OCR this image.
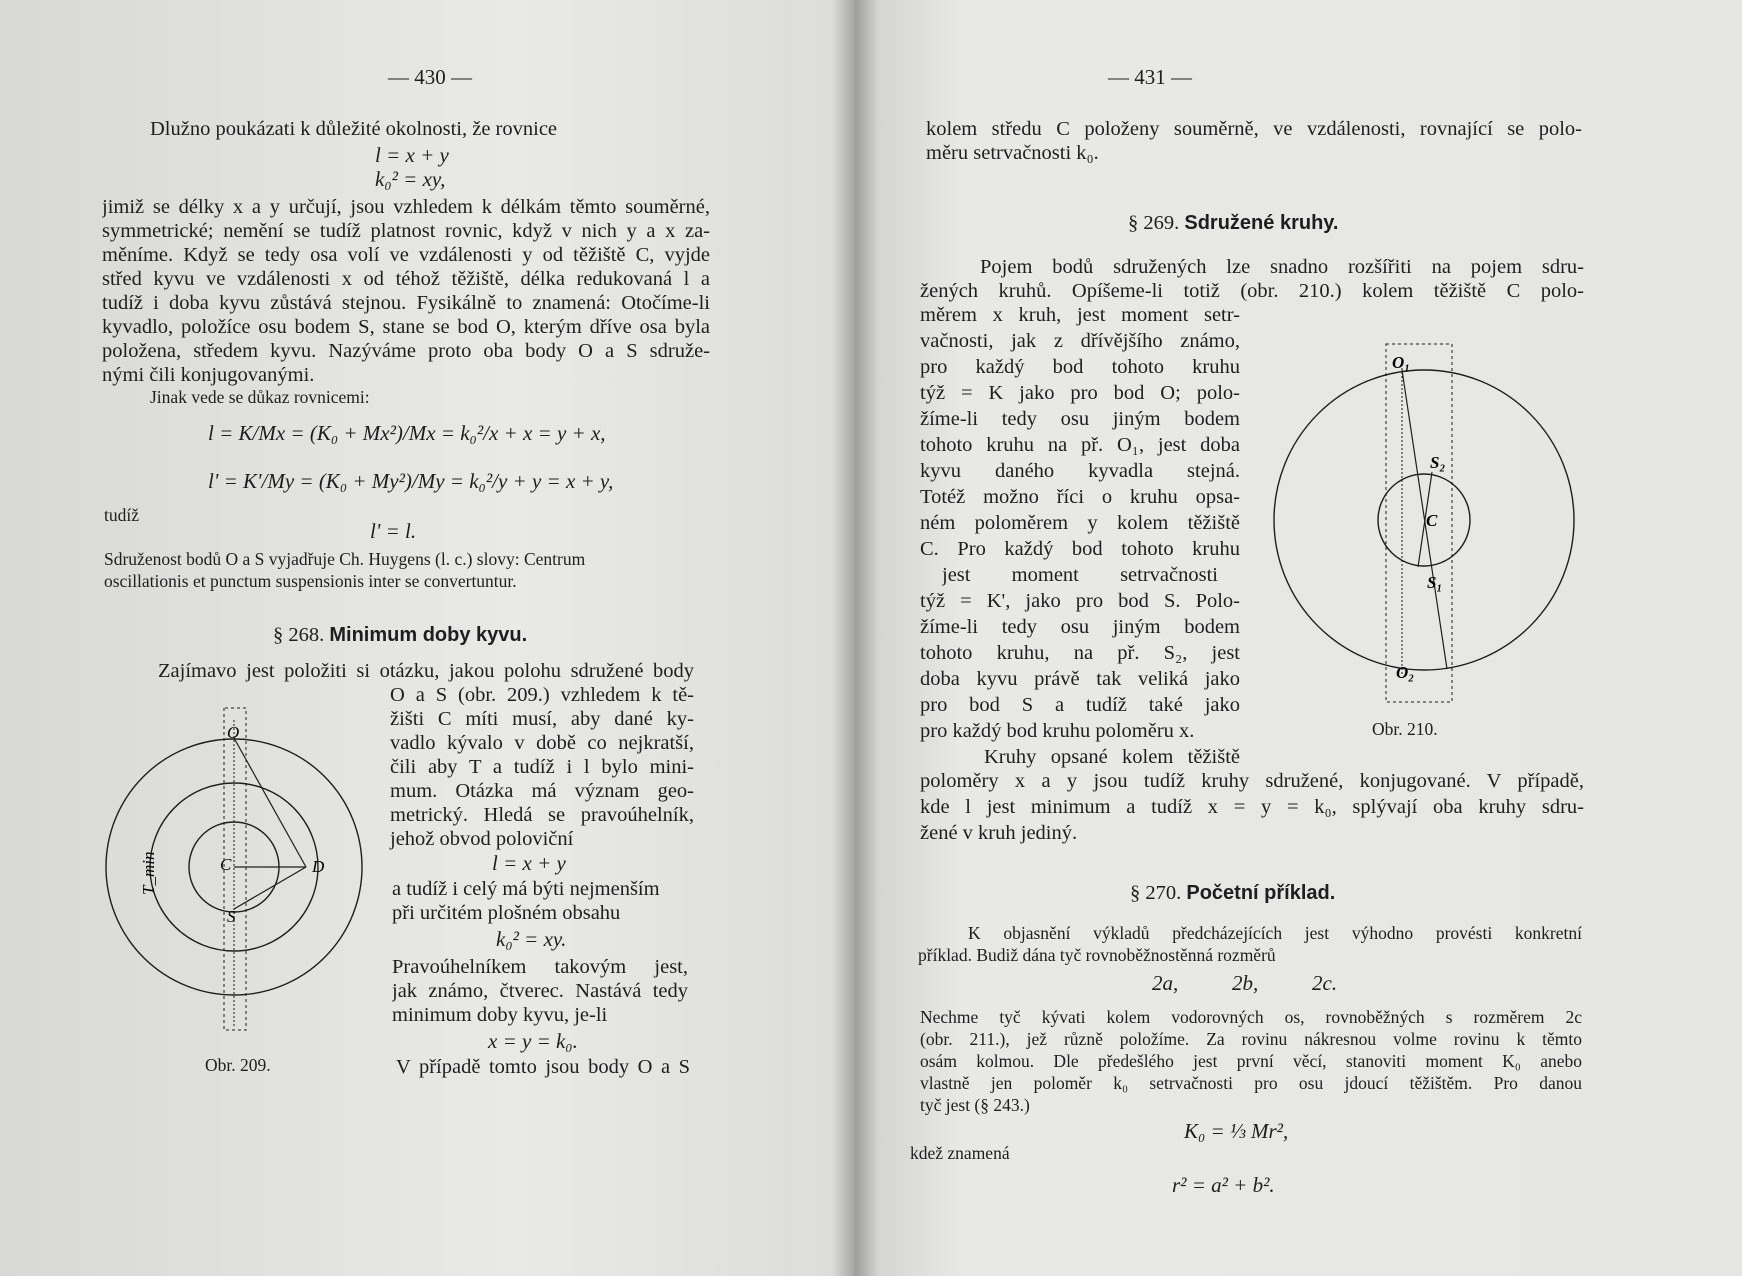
— 430 —
Dlužno poukázati k důležité okolnosti, že rovnice
l = x + y
k₀² = xy,
jimiž se délky x a y určují, jsou vzhledem k délkám těmto souměrné,
symmetrické; nemění se tudíž platnost rovnic, když v nich y a x za-
měníme. Když se tedy osa volí ve vzdálenosti y od těžiště C, vyjde
střed kyvu ve vzdálenosti x od téhož těžiště, délka redukovaná l a
tudíž i doba kyvu zůstává stejnou. Fysikálně to znamená: Otočíme-li
kyvadlo, položíce osu bodem S, stane se bod O, kterým dříve osa byla
položena, středem kyvu. Nazýváme proto oba body O a S sdruže-
nými čili konjugovanými.
Jinak vede se důkaz rovnicemi:
l = K/Mx = (K₀ + Mx²)/Mx = k₀²/x + x = y + x,
l' = K'/My = (K₀ + My²)/My = k₀²/y + y = x + y,
tudíž
l' = l.
Sdruženost bodů O a S vyjadřuje Ch. Huygens (l. c.) slovy: Centrum
oscillationis et punctum suspensionis inter se convertuntur.
§ 268. Minimum doby kyvu.
Zajímavo jest položiti si otázku, jakou polohu sdružené body
O a S (obr. 209.) vzhledem k tě-
žišti C míti musí, aby dané ky-
vadlo kývalo v době co nejkratší,
čili aby T a tudíž i l bylo mini-
mum. Otázka má význam geo-
metrický. Hledá se pravoúhelník,
jehož obvod poloviční
l = x + y
a tudíž i celý má býti nejmenším
při určitém plošném obsahu
k₀² = xy.
Pravoúhelníkem takovým jest,
jak známo, čtverec. Nastává tedy
minimum doby kyvu, je-li
x = y = k₀.
V případě tomto jsou body O a S
O
C
S
D
T_min
Obr. 209.
— 431 —
kolem středu C položeny souměrně, ve vzdálenosti, rovnající se polo-
měru setrvačnosti k₀.
§ 269. Sdružené kruhy.
Pojem bodů sdružených lze snadno rozšířiti na pojem sdru-
žených kruhů. Opíšeme-li totiž (obr. 210.) kolem těžiště C polo-
měrem x kruh, jest moment setr-
vačnosti, jak z dřívějšího známo,
pro každý bod tohoto kruhu
týž = K jako pro bod O; polo-
žíme-li tedy osu jiným bodem
tohoto kruhu na př. O₁, jest doba
kyvu daného kyvadla stejná.
Totéž možno říci o kruhu opsa-
ném poloměrem y kolem těžiště
C. Pro každý bod tohoto kruhu
jest moment setrvačnosti
týž = K', jako pro bod S. Polo-
žíme-li tedy osu jiným bodem
tohoto kruhu, na př. S₂, jest
doba kyvu právě tak veliká jako
pro bod S a tudíž také jako
pro každý bod kruhu poloměru x.
Kruhy opsané kolem těžiště
poloměry x a y jsou tudíž kruhy sdružené, konjugované. V případě,
kde l jest minimum a tudíž x = y = k₀, splývají oba kruhy sdru-
žené v kruh jediný.
§ 270. Početní příklad.
K objasnění výkladů předcházejících jest výhodno provésti konkretní
příklad. Budiž dána tyč rovnoběžnostěnná rozměrů
2a,	2b,	2c.
Nechme tyč kývati kolem vodorovných os, rovnoběžných s rozměrem 2c
(obr. 211.), jež různě položíme. Za rovinu nákresnou volme rovinu k těmto
osám kolmou. Dle předešlého jest první věcí, stanoviti moment K₀ anebo
vlastně jen poloměr k₀ setrvačnosti pro osu jdoucí těžištěm. Pro danou
tyč jest (§ 243.)
K₀ = ⅓ Mr²,
kdež znamená
r² = a² + b².
O₁
S₂
C
S₁
O₂
Obr. 210.
